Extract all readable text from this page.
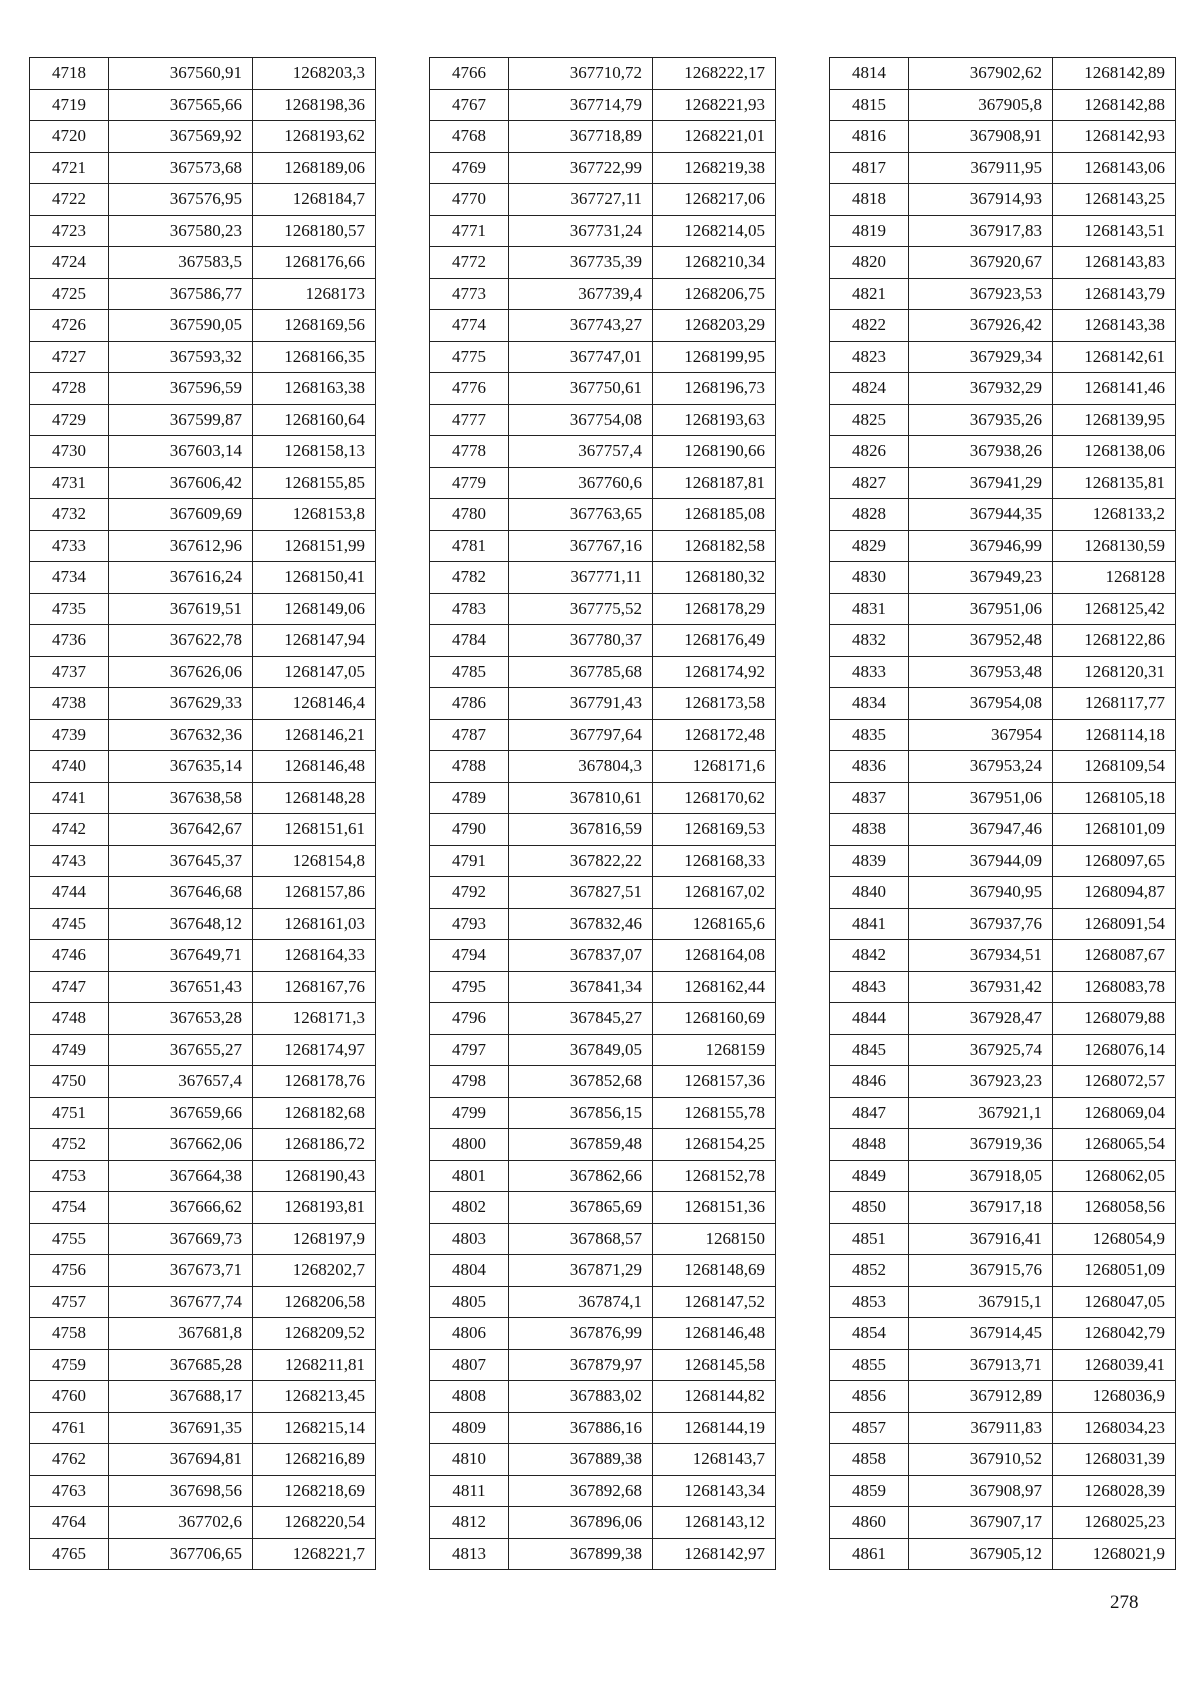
4718	367560,91	1268203,3
4719	367565,66	1268198,36
4720	367569,92	1268193,62
4721	367573,68	1268189,06
4722	367576,95	1268184,7
4723	367580,23	1268180,57
4724	367583,5	1268176,66
4725	367586,77	1268173
4726	367590,05	1268169,56
4727	367593,32	1268166,35
4728	367596,59	1268163,38
4729	367599,87	1268160,64
4730	367603,14	1268158,13
4731	367606,42	1268155,85
4732	367609,69	1268153,8
4733	367612,96	1268151,99
4734	367616,24	1268150,41
4735	367619,51	1268149,06
4736	367622,78	1268147,94
4737	367626,06	1268147,05
4738	367629,33	1268146,4
4739	367632,36	1268146,21
4740	367635,14	1268146,48
4741	367638,58	1268148,28
4742	367642,67	1268151,61
4743	367645,37	1268154,8
4744	367646,68	1268157,86
4745	367648,12	1268161,03
4746	367649,71	1268164,33
4747	367651,43	1268167,76
4748	367653,28	1268171,3
4749	367655,27	1268174,97
4750	367657,4	1268178,76
4751	367659,66	1268182,68
4752	367662,06	1268186,72
4753	367664,38	1268190,43
4754	367666,62	1268193,81
4755	367669,73	1268197,9
4756	367673,71	1268202,7
4757	367677,74	1268206,58
4758	367681,8	1268209,52
4759	367685,28	1268211,81
4760	367688,17	1268213,45
4761	367691,35	1268215,14
4762	367694,81	1268216,89
4763	367698,56	1268218,69
4764	367702,6	1268220,54
4765	367706,65	1268221,7
4766	367710,72	1268222,17
4767	367714,79	1268221,93
4768	367718,89	1268221,01
4769	367722,99	1268219,38
4770	367727,11	1268217,06
4771	367731,24	1268214,05
4772	367735,39	1268210,34
4773	367739,4	1268206,75
4774	367743,27	1268203,29
4775	367747,01	1268199,95
4776	367750,61	1268196,73
4777	367754,08	1268193,63
4778	367757,4	1268190,66
4779	367760,6	1268187,81
4780	367763,65	1268185,08
4781	367767,16	1268182,58
4782	367771,11	1268180,32
4783	367775,52	1268178,29
4784	367780,37	1268176,49
4785	367785,68	1268174,92
4786	367791,43	1268173,58
4787	367797,64	1268172,48
4788	367804,3	1268171,6
4789	367810,61	1268170,62
4790	367816,59	1268169,53
4791	367822,22	1268168,33
4792	367827,51	1268167,02
4793	367832,46	1268165,6
4794	367837,07	1268164,08
4795	367841,34	1268162,44
4796	367845,27	1268160,69
4797	367849,05	1268159
4798	367852,68	1268157,36
4799	367856,15	1268155,78
4800	367859,48	1268154,25
4801	367862,66	1268152,78
4802	367865,69	1268151,36
4803	367868,57	1268150
4804	367871,29	1268148,69
4805	367874,1	1268147,52
4806	367876,99	1268146,48
4807	367879,97	1268145,58
4808	367883,02	1268144,82
4809	367886,16	1268144,19
4810	367889,38	1268143,7
4811	367892,68	1268143,34
4812	367896,06	1268143,12
4813	367899,38	1268142,97
4814	367902,62	1268142,89
4815	367905,8	1268142,88
4816	367908,91	1268142,93
4817	367911,95	1268143,06
4818	367914,93	1268143,25
4819	367917,83	1268143,51
4820	367920,67	1268143,83
4821	367923,53	1268143,79
4822	367926,42	1268143,38
4823	367929,34	1268142,61
4824	367932,29	1268141,46
4825	367935,26	1268139,95
4826	367938,26	1268138,06
4827	367941,29	1268135,81
4828	367944,35	1268133,2
4829	367946,99	1268130,59
4830	367949,23	1268128
4831	367951,06	1268125,42
4832	367952,48	1268122,86
4833	367953,48	1268120,31
4834	367954,08	1268117,77
4835	367954	1268114,18
4836	367953,24	1268109,54
4837	367951,06	1268105,18
4838	367947,46	1268101,09
4839	367944,09	1268097,65
4840	367940,95	1268094,87
4841	367937,76	1268091,54
4842	367934,51	1268087,67
4843	367931,42	1268083,78
4844	367928,47	1268079,88
4845	367925,74	1268076,14
4846	367923,23	1268072,57
4847	367921,1	1268069,04
4848	367919,36	1268065,54
4849	367918,05	1268062,05
4850	367917,18	1268058,56
4851	367916,41	1268054,9
4852	367915,76	1268051,09
4853	367915,1	1268047,05
4854	367914,45	1268042,79
4855	367913,71	1268039,41
4856	367912,89	1268036,9
4857	367911,83	1268034,23
4858	367910,52	1268031,39
4859	367908,97	1268028,39
4860	367907,17	1268025,23
4861	367905,12	1268021,9
278
